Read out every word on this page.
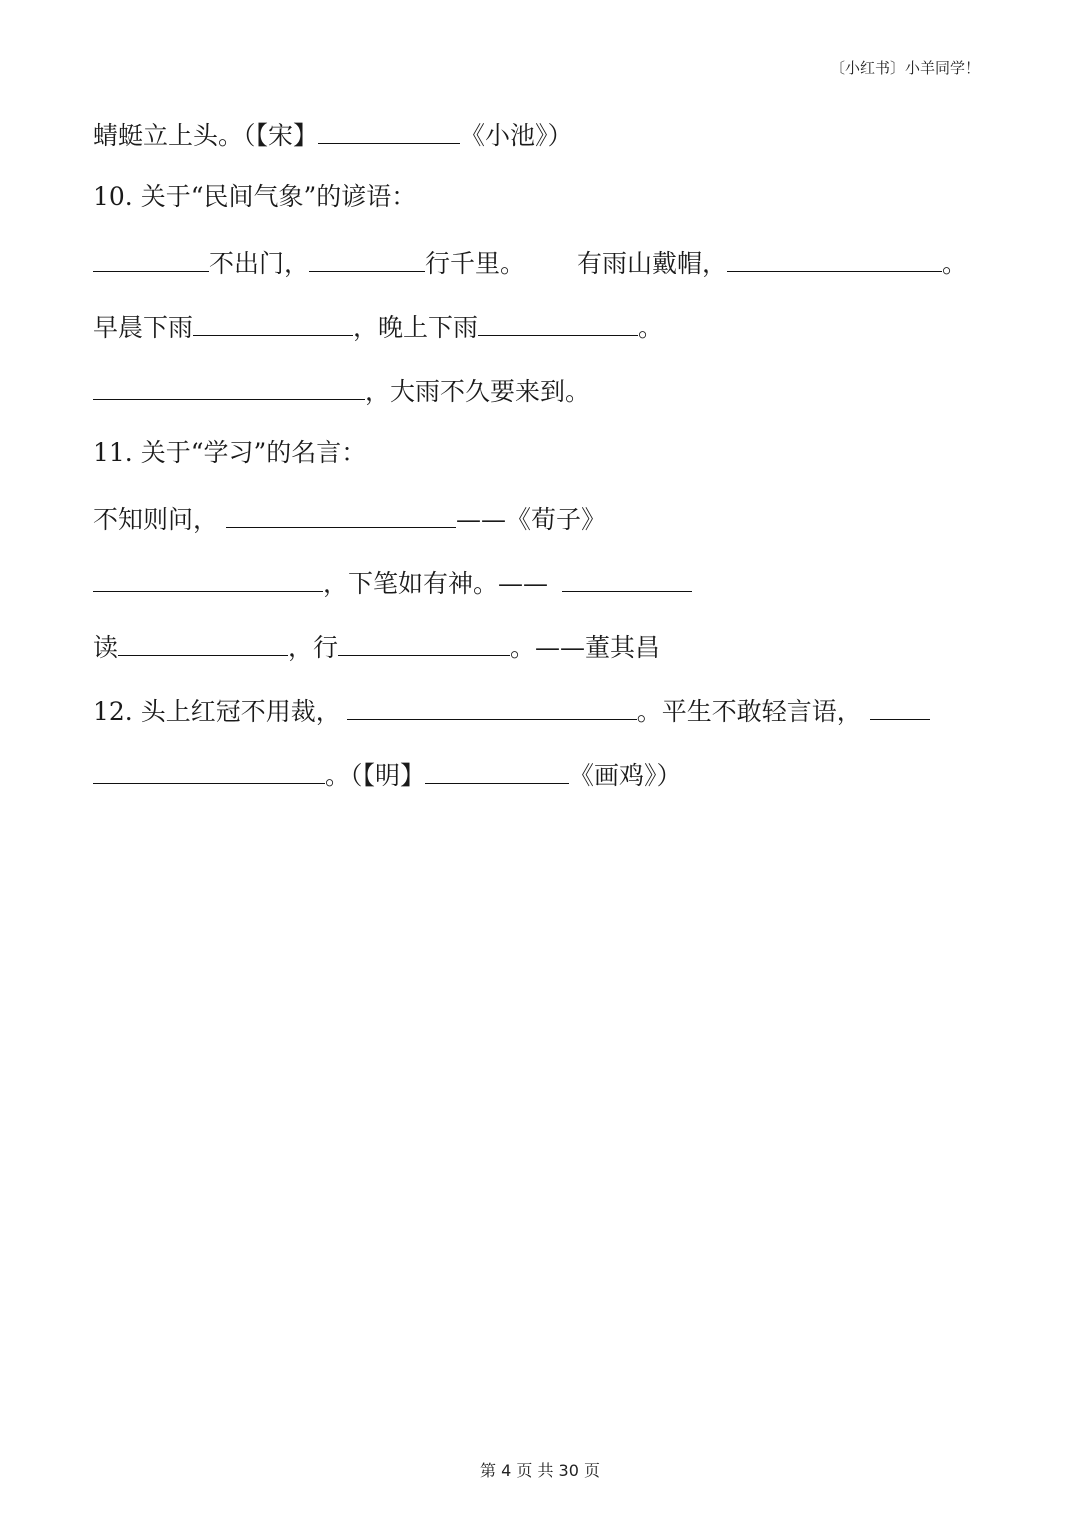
〔小红书〕小羊同学！
蜻蜓立上头。（【宋】	《小池》）
10. 关于“民间气象”的谚语：
不出门，	行千里。 有雨山戴帽，	。
早晨下雨	，晚上下雨	。
，大雨不久要来到。
11. 关于“学习”的名言：
不知则问，	——《荀子》
，下笔如有神。——
读	，行	。——董其昌
12. 头上红冠不用裁，	。平生不敢轻言语，
。（【明】	《画鸡》）
第 4 页 共 30 页
